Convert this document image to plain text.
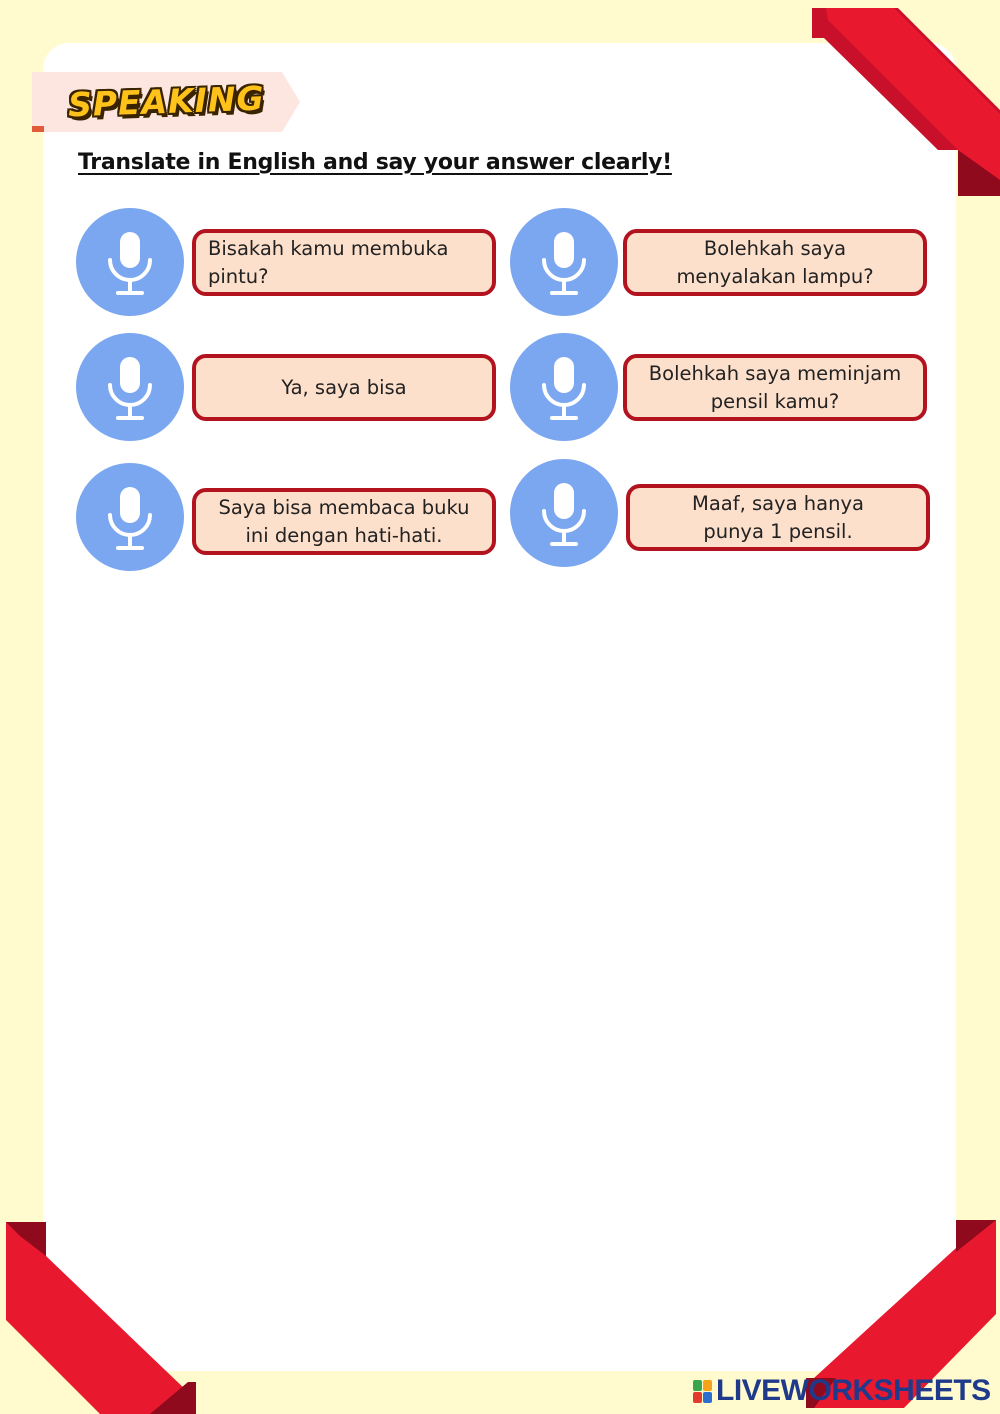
SPEAKING
Translate in English and say your answer clearly!
Bisakah kamu membuka
pintu?
Bolehkah saya
menyalakan lampu?
Ya, saya bisa
Bolehkah saya meminjam
pensil kamu?
Saya bisa membaca buku
ini dengan hati-hati.
Maaf, saya hanya
punya 1 pensil.
LIVEWORKSHEETS
